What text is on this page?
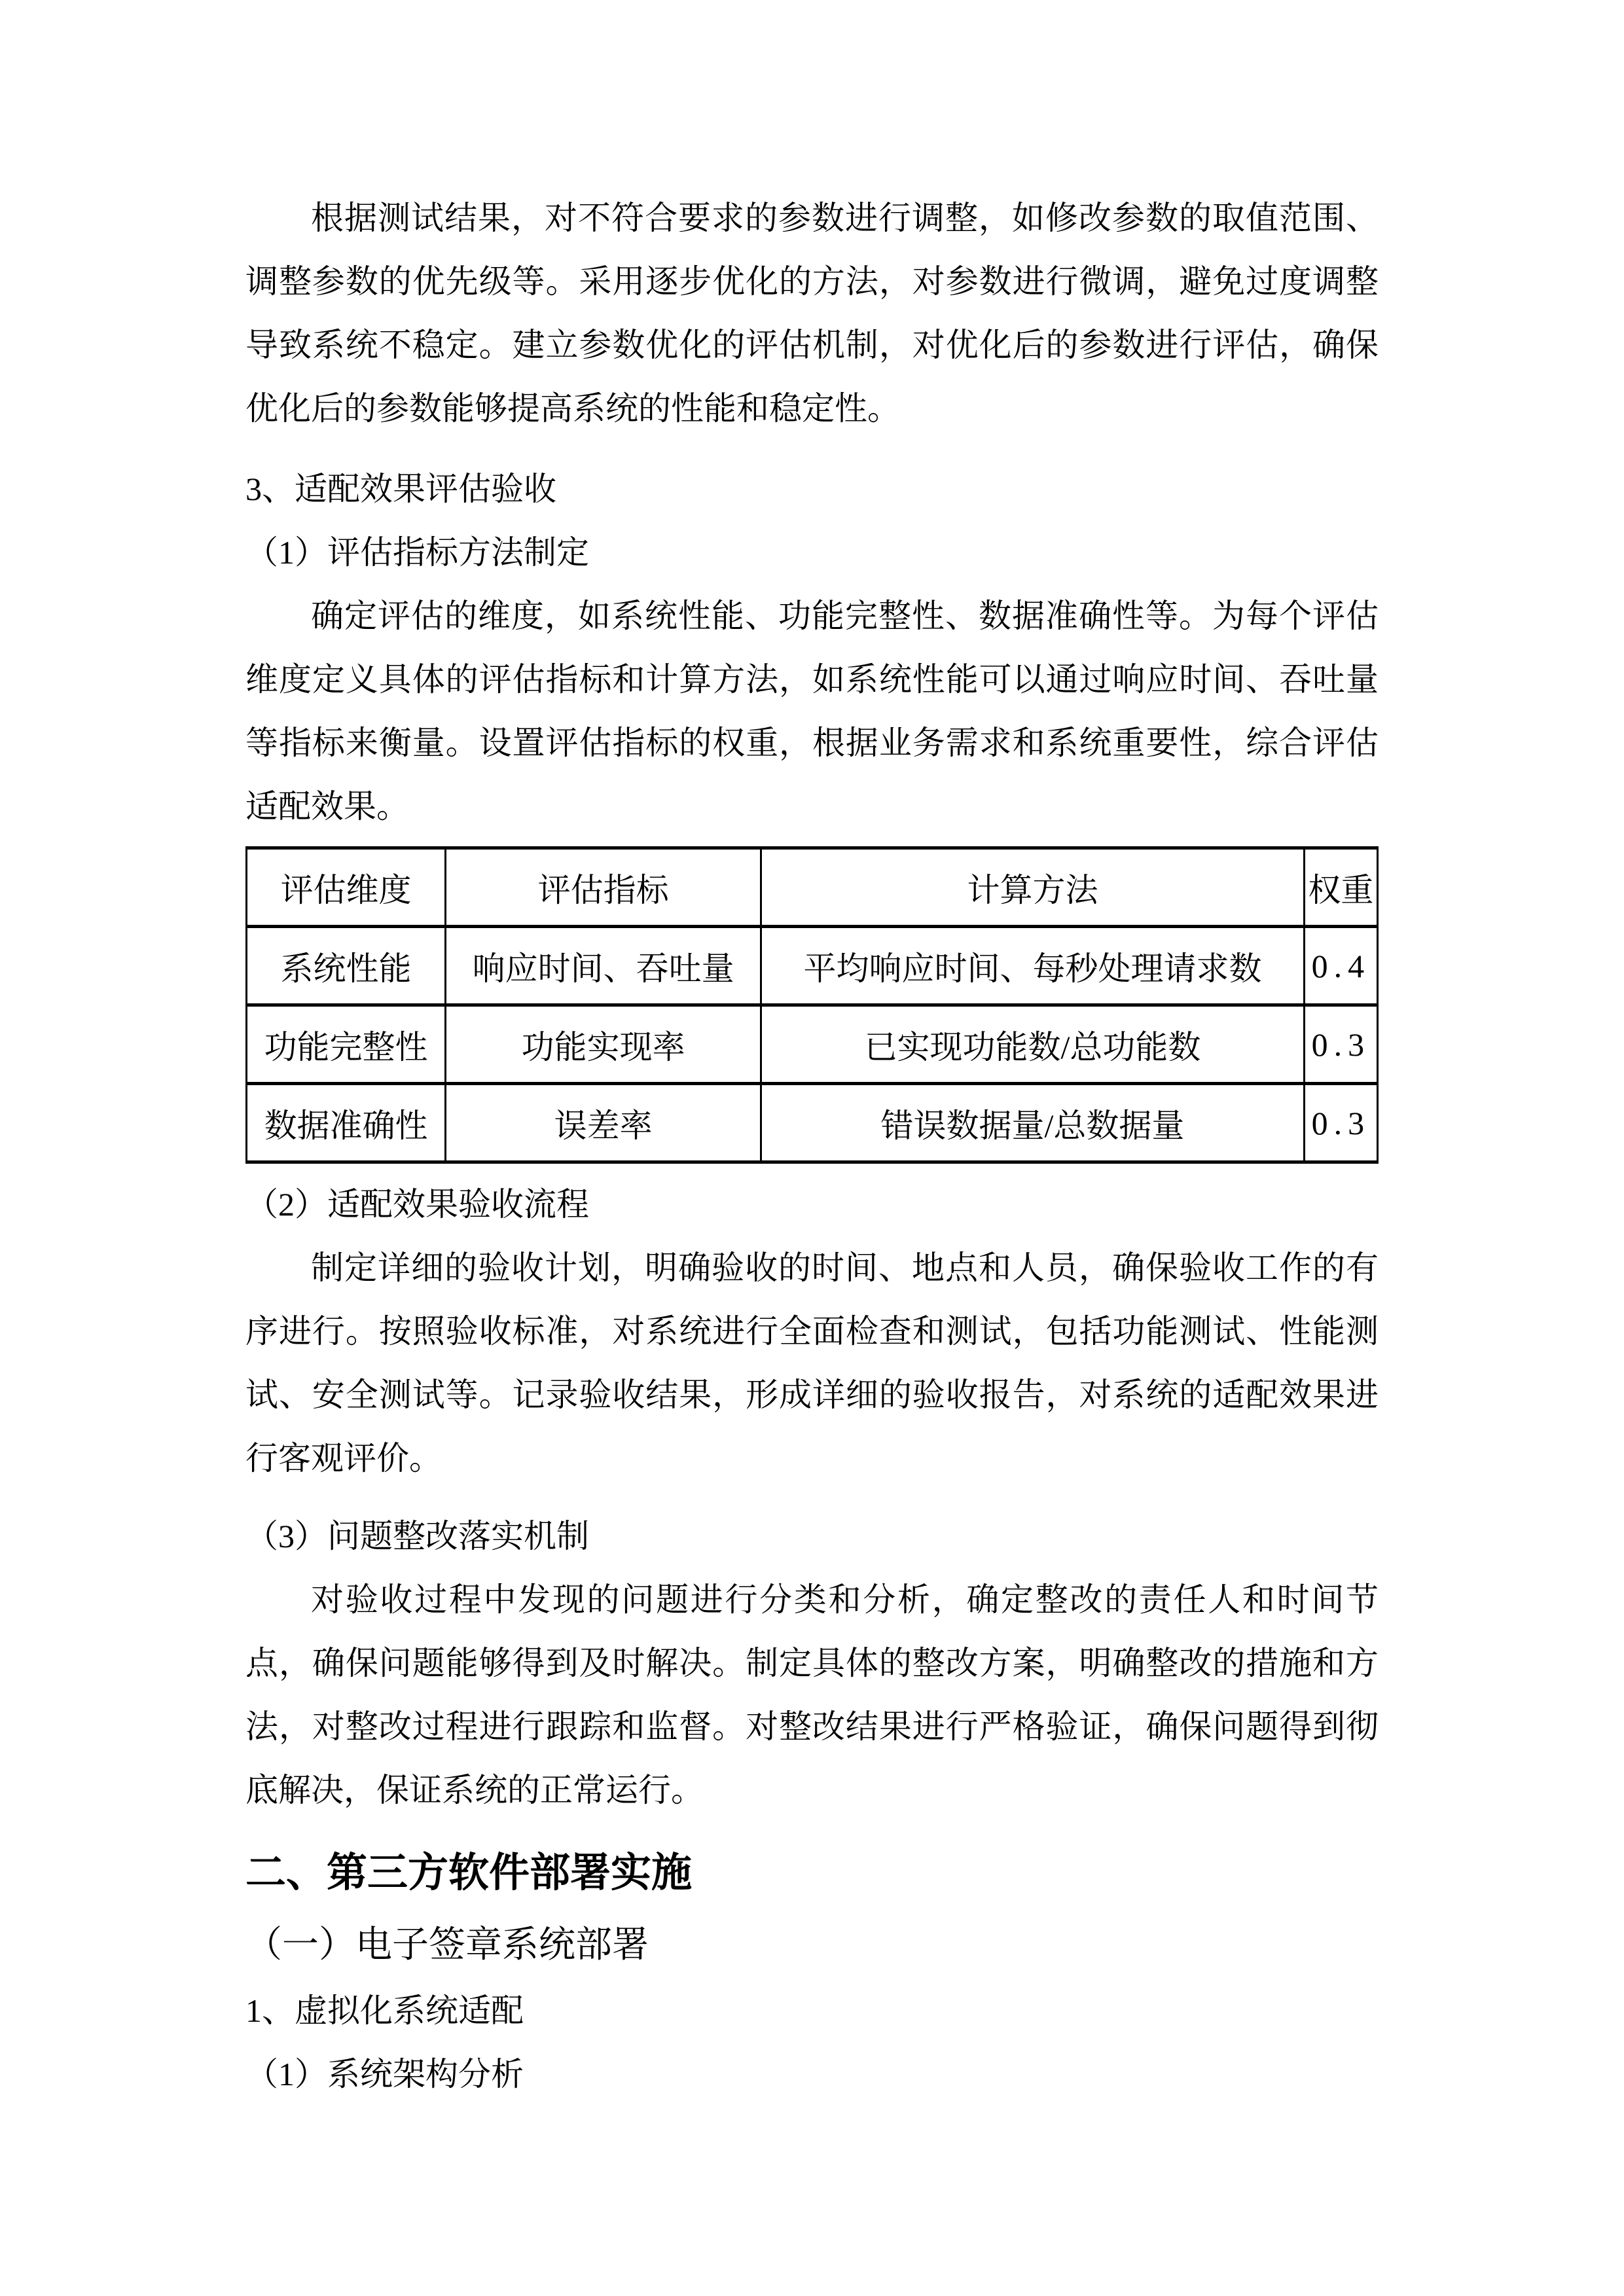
根据测试结果，对不符合要求的参数进行调整，如修改参数的取值范围、调整参数的优先级等。采用逐步优化的方法，对参数进行微调，避免过度调整导致系统不稳定。建立参数优化的评估机制，对优化后的参数进行评估，确保优化后的参数能够提高系统的性能和稳定性。

3、适配效果评估验收

（1）评估指标方法制定

确定评估的维度，如系统性能、功能完整性、数据准确性等。为每个评估维度定义具体的评估指标和计算方法，如系统性能可以通过响应时间、吞吐量等指标来衡量。设置评估指标的权重，根据业务需求和系统重要性，综合评估适配效果。

评估维度	评估指标	计算方法	权重
系统性能	响应时间、吞吐量	平均响应时间、每秒处理请求数	0.4
功能完整性	功能实现率	已实现功能数/总功能数	0.3
数据准确性	误差率	错误数据量/总数据量	0.3

（2）适配效果验收流程

制定详细的验收计划，明确验收的时间、地点和人员，确保验收工作的有序进行。按照验收标准，对系统进行全面检查和测试，包括功能测试、性能测试、安全测试等。记录验收结果，形成详细的验收报告，对系统的适配效果进行客观评价。

（3）问题整改落实机制

对验收过程中发现的问题进行分类和分析，确定整改的责任人和时间节点，确保问题能够得到及时解决。制定具体的整改方案，明确整改的措施和方法，对整改过程进行跟踪和监督。对整改结果进行严格验证，确保问题得到彻底解决，保证系统的正常运行。

二、第三方软件部署实施

（一）电子签章系统部署

1、虚拟化系统适配

（1）系统架构分析
